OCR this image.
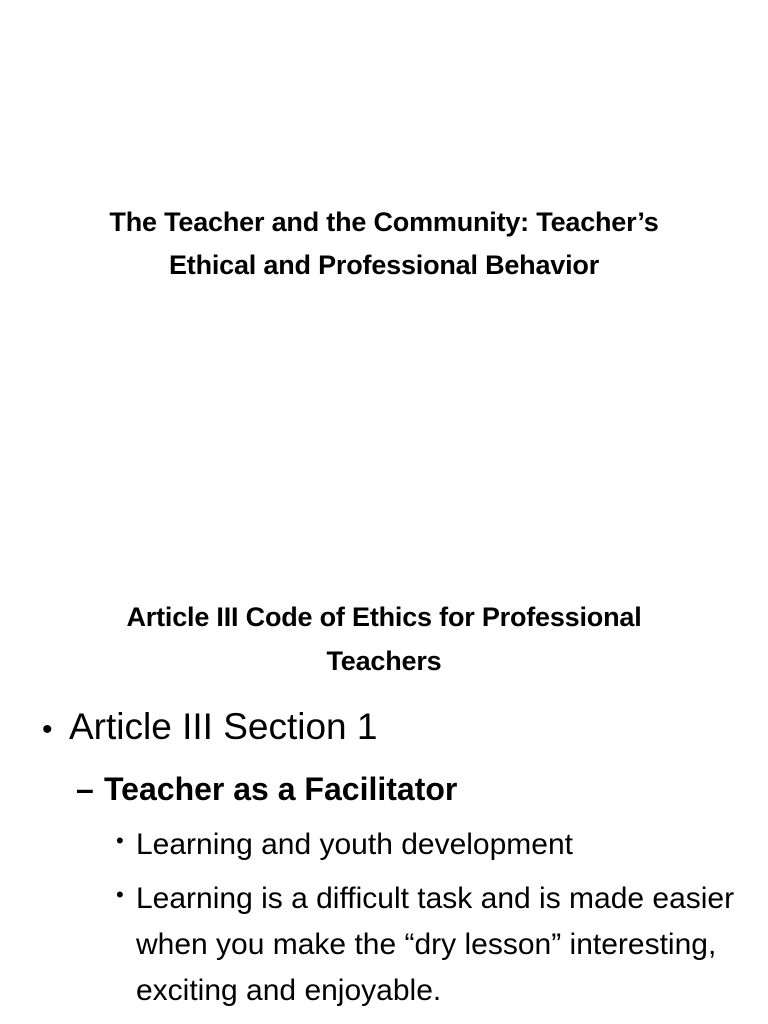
The Teacher and the Community: Teacher’s
Ethical and Professional Behavior
Article III Code of Ethics for Professional
Teachers
• Article III Section 1
– Teacher as a Facilitator
• Learning and youth development
• Learning is a difficult task and is made easier when you make the “dry lesson” interesting, exciting and enjoyable.
